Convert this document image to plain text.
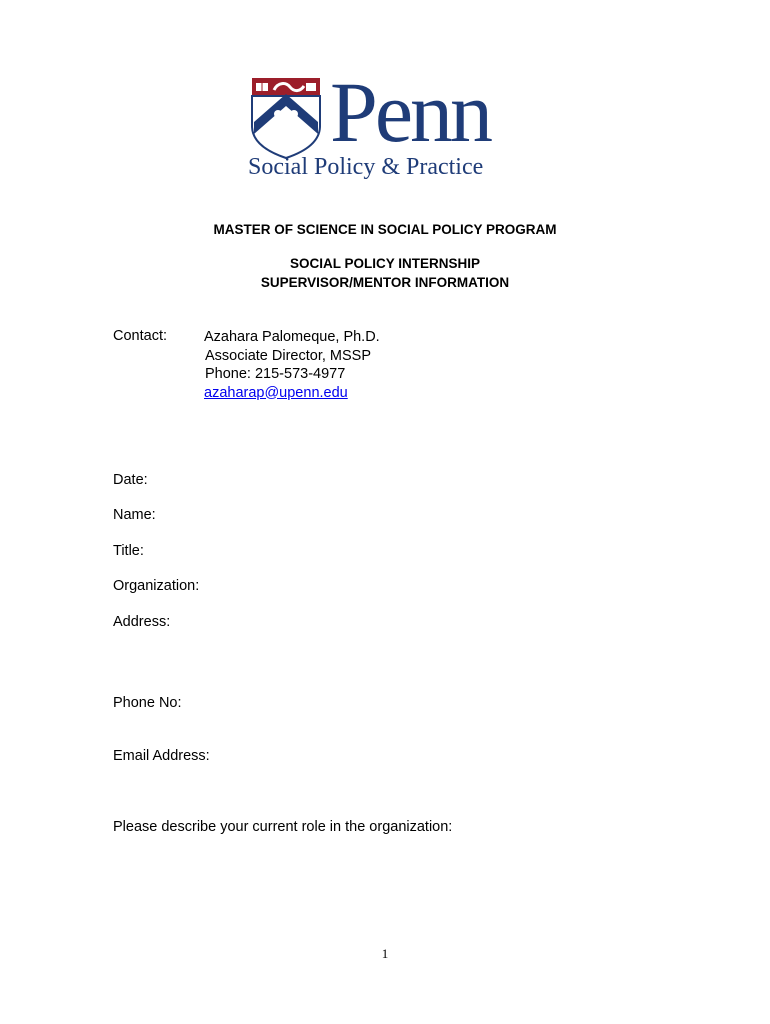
Penn
Social Policy & Practice
MASTER OF SCIENCE IN SOCIAL POLICY PROGRAM
SOCIAL POLICY INTERNSHIP
SUPERVISOR/MENTOR INFORMATION
Contact:	Azahara Palomeque, Ph.D.
Associate Director, MSSP
Phone: 215-573-4977
azaharap@upenn.edu
Date:
Name:
Title:
Organization:
Address:
Phone No:
Email Address:
Please describe your current role in the organization:
1
